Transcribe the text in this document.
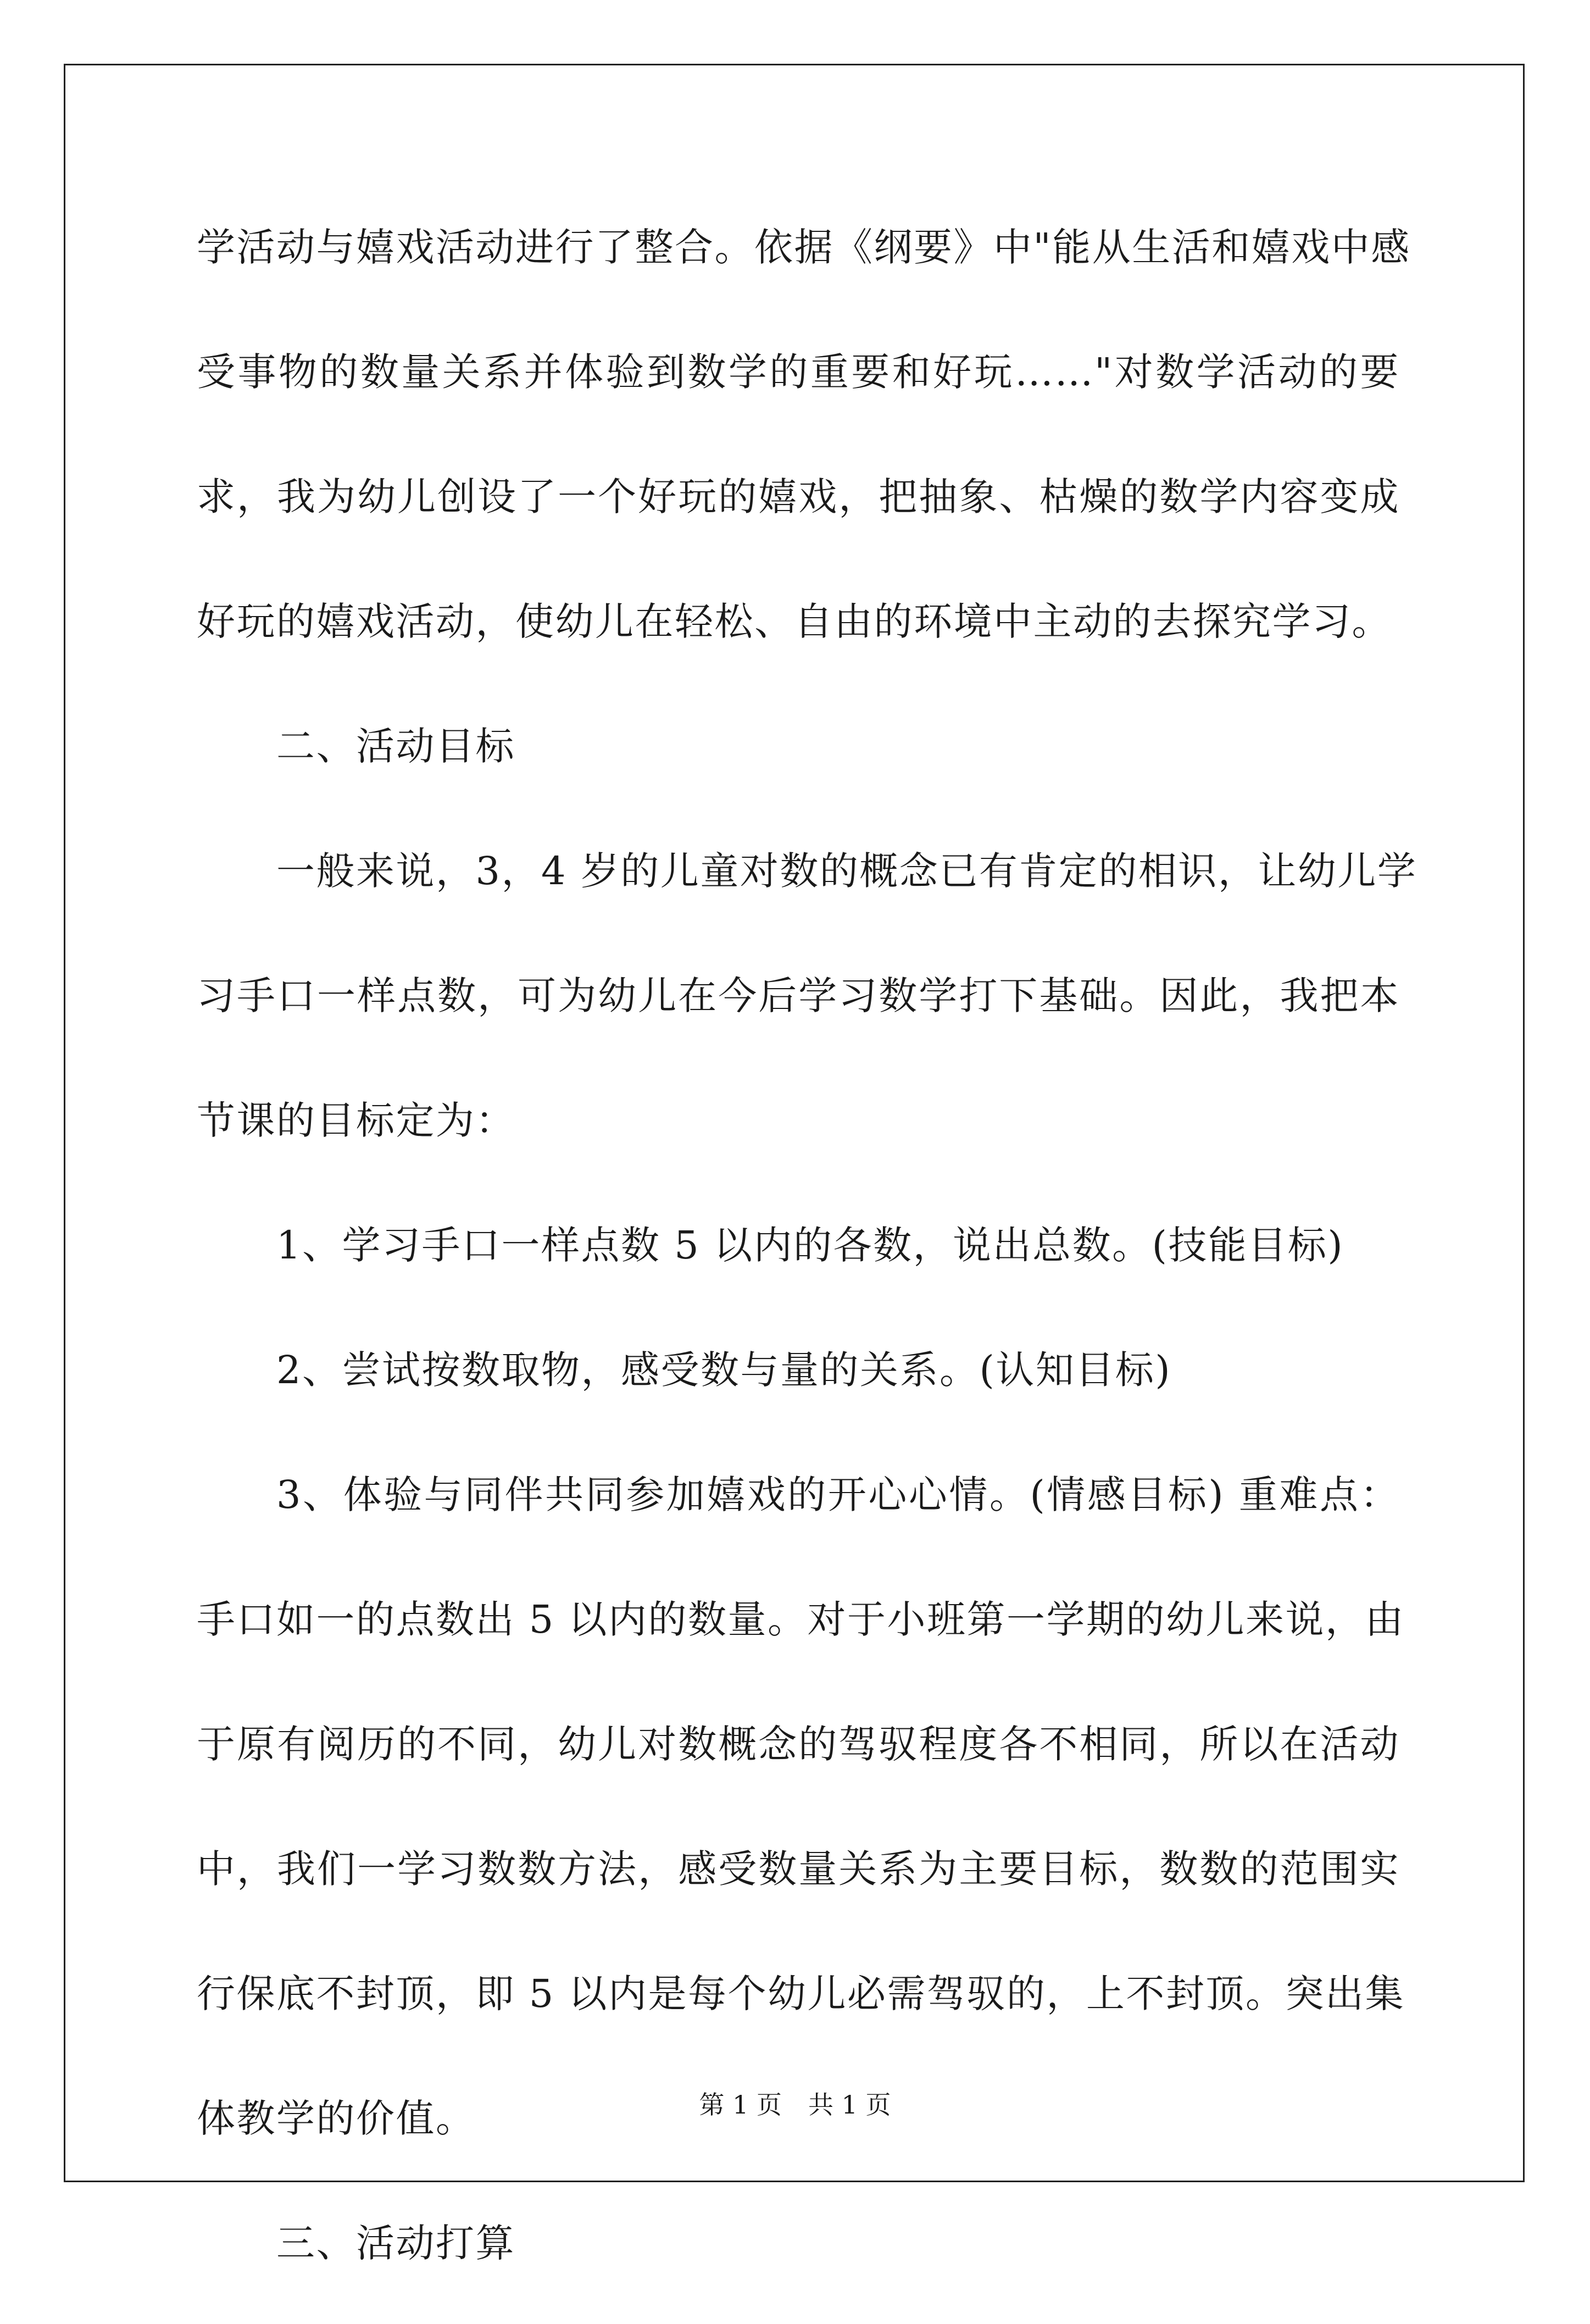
学活动与嬉戏活动进行了整合。依据《纲要》中"能从生活和嬉戏中感
受事物的数量关系并体验到数学的重要和好玩……"对数学活动的要
求，我为幼儿创设了一个好玩的嬉戏，把抽象、枯燥的数学内容变成
好玩的嬉戏活动，使幼儿在轻松、自由的环境中主动的去探究学习。
二、活动目标
一般来说，3，4 岁的儿童对数的概念已有肯定的相识，让幼儿学
习手口一样点数，可为幼儿在今后学习数学打下基础。因此，我把本
节课的目标定为：
1、学习手口一样点数 5 以内的各数，说出总数。(技能目标)
2、尝试按数取物，感受数与量的关系。(认知目标)
3、体验与同伴共同参加嬉戏的开心心情。(情感目标) 重难点：
手口如一的点数出 5 以内的数量。对于小班第一学期的幼儿来说，由
于原有阅历的不同，幼儿对数概念的驾驭程度各不相同，所以在活动
中，我们一学习数数方法，感受数量关系为主要目标，数数的范围实
行保底不封顶，即 5 以内是每个幼儿必需驾驭的，上不封顶。突出集
体教学的价值。
三、活动打算
第 1 页 共 1 页
